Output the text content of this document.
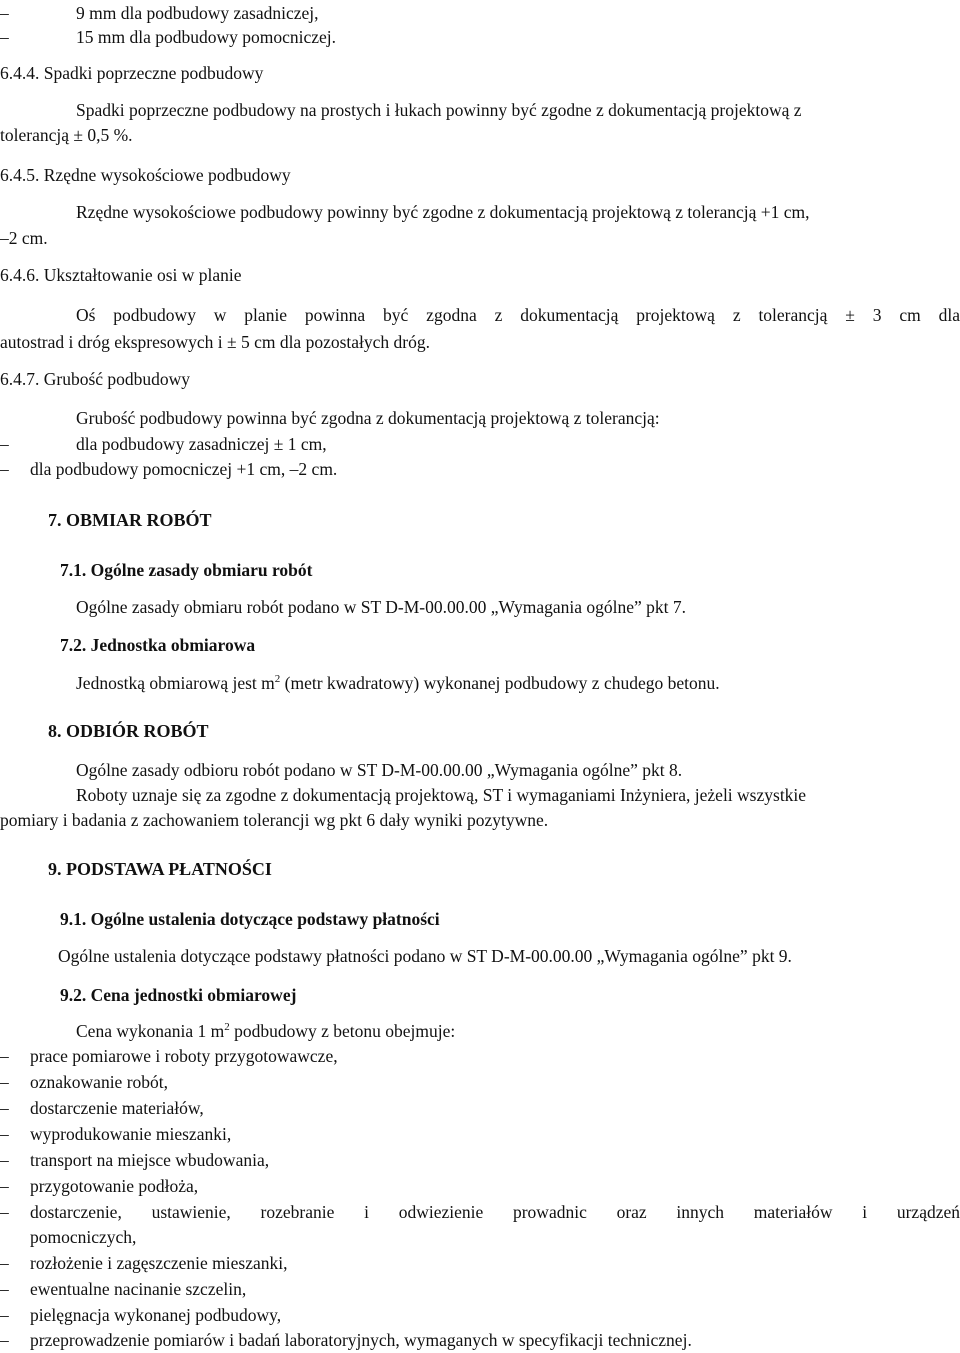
–
9 mm dla podbudowy zasadniczej,
–
15 mm dla podbudowy pomocniczej.
6.4.4. Spadki poprzeczne podbudowy
Spadki poprzeczne podbudowy na prostych i łukach powinny być zgodne z dokumentacją projektową z
tolerancją ± 0,5 %.
6.4.5. Rzędne wysokościowe podbudowy
Rzędne wysokościowe podbudowy powinny być zgodne z dokumentacją projektową z tolerancją +1 cm,
–2 cm.
6.4.6. Ukształtowanie osi w planie
Oś podbudowy w planie powinna być zgodna z dokumentacją projektową z tolerancją ± 3 cm dla
autostrad i dróg ekspresowych i ± 5 cm dla pozostałych dróg.
6.4.7. Grubość podbudowy
Grubość podbudowy powinna być zgodna z dokumentacją projektową z tolerancją:
–
dla podbudowy zasadniczej ± 1 cm,
–
dla podbudowy pomocniczej +1 cm, –2 cm.
7. OBMIAR ROBÓT
7.1. Ogólne zasady obmiaru robót
Ogólne zasady obmiaru robót podano w ST D-M-00.00.00 „Wymagania ogólne” pkt 7.
7.2. Jednostka obmiarowa
Jednostką obmiarową jest $m^2$ (metr kwadratowy) wykonanej podbudowy z chudego betonu.
8. ODBIÓR ROBÓT
Ogólne zasady odbioru robót podano w ST D-M-00.00.00 „Wymagania ogólne” pkt 8.
Roboty uznaje się za zgodne z dokumentacją projektową, ST i wymaganiami Inżyniera, jeżeli wszystkie
pomiary i badania z zachowaniem tolerancji wg pkt 6 dały wyniki pozytywne.
9. PODSTAWA PŁATNOŚCI
9.1. Ogólne ustalenia dotyczące podstawy płatności
Ogólne ustalenia dotyczące podstawy płatności podano w ST D-M-00.00.00 „Wymagania ogólne” pkt 9.
9.2. Cena jednostki obmiarowej
Cena wykonania 1 $m^2$ podbudowy z betonu obejmuje:
–
prace pomiarowe i roboty przygotowawcze,
–
oznakowanie robót,
–
dostarczenie materiałów,
–
wyprodukowanie mieszanki,
–
transport na miejsce wbudowania,
–
przygotowanie podłoża,
–
dostarczenie, ustawienie, rozebranie i odwiezienie prowadnic oraz innych materiałów i urządzeń
pomocniczych,
–
rozłożenie i zagęszczenie mieszanki,
–
ewentualne nacinanie szczelin,
–
pielęgnacja wykonanej podbudowy,
–
przeprowadzenie pomiarów i badań laboratoryjnych, wymaganych w specyfikacji technicznej.
